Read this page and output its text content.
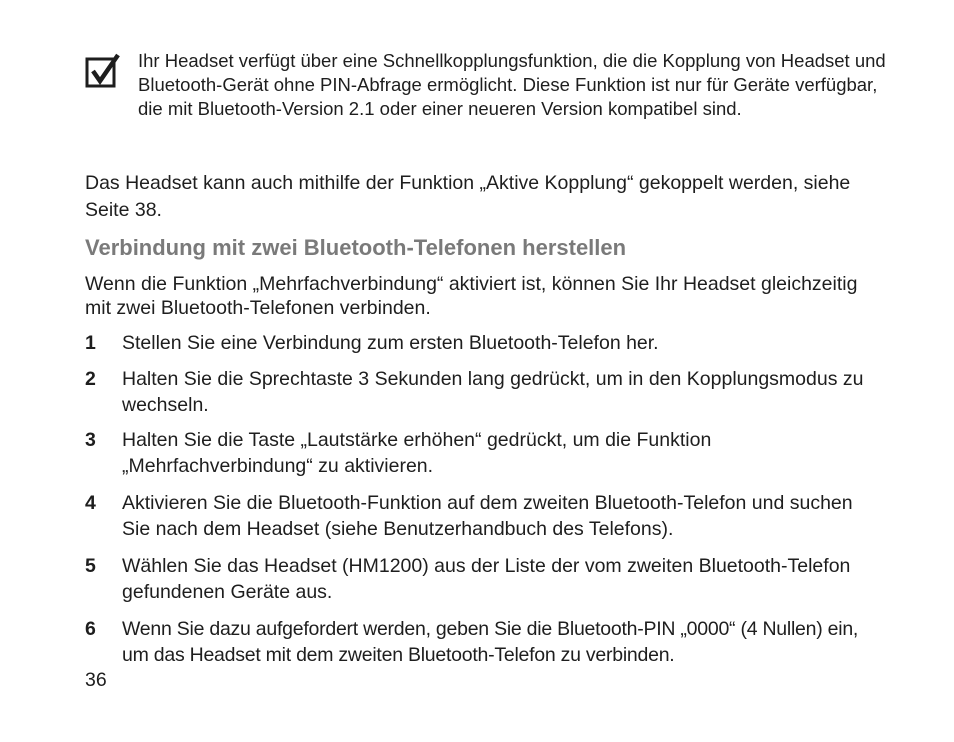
Ihr Headset verfügt über eine Schnellkopplungsfunktion, die die Kopplung von Headset und Bluetooth-Gerät ohne PIN-Abfrage ermöglicht. Diese Funktion ist nur für Geräte verfügbar, die mit Bluetooth-Version 2.1 oder einer neueren Version kompatibel sind.

Das Headset kann auch mithilfe der Funktion „Aktive Kopplung“ gekoppelt werden, siehe Seite 38.

Verbindung mit zwei Bluetooth-Telefonen herstellen

Wenn die Funktion „Mehrfachverbindung“ aktiviert ist, können Sie Ihr Headset gleichzeitig mit zwei Bluetooth-Telefonen verbinden.

1 Stellen Sie eine Verbindung zum ersten Bluetooth-Telefon her.
2 Halten Sie die Sprechtaste 3 Sekunden lang gedrückt, um in den Kopplungsmodus zu wechseln.
3 Halten Sie die Taste „Lautstärke erhöhen“ gedrückt, um die Funktion „Mehrfachverbindung“ zu aktivieren.
4 Aktivieren Sie die Bluetooth-Funktion auf dem zweiten Bluetooth-Telefon und suchen Sie nach dem Headset (siehe Benutzerhandbuch des Telefons).
5 Wählen Sie das Headset (HM1200) aus der Liste der vom zweiten Bluetooth-Telefon gefundenen Geräte aus.
6 Wenn Sie dazu aufgefordert werden, geben Sie die Bluetooth-PIN „0000“ (4 Nullen) ein, um das Headset mit dem zweiten Bluetooth-Telefon zu verbinden.
36
